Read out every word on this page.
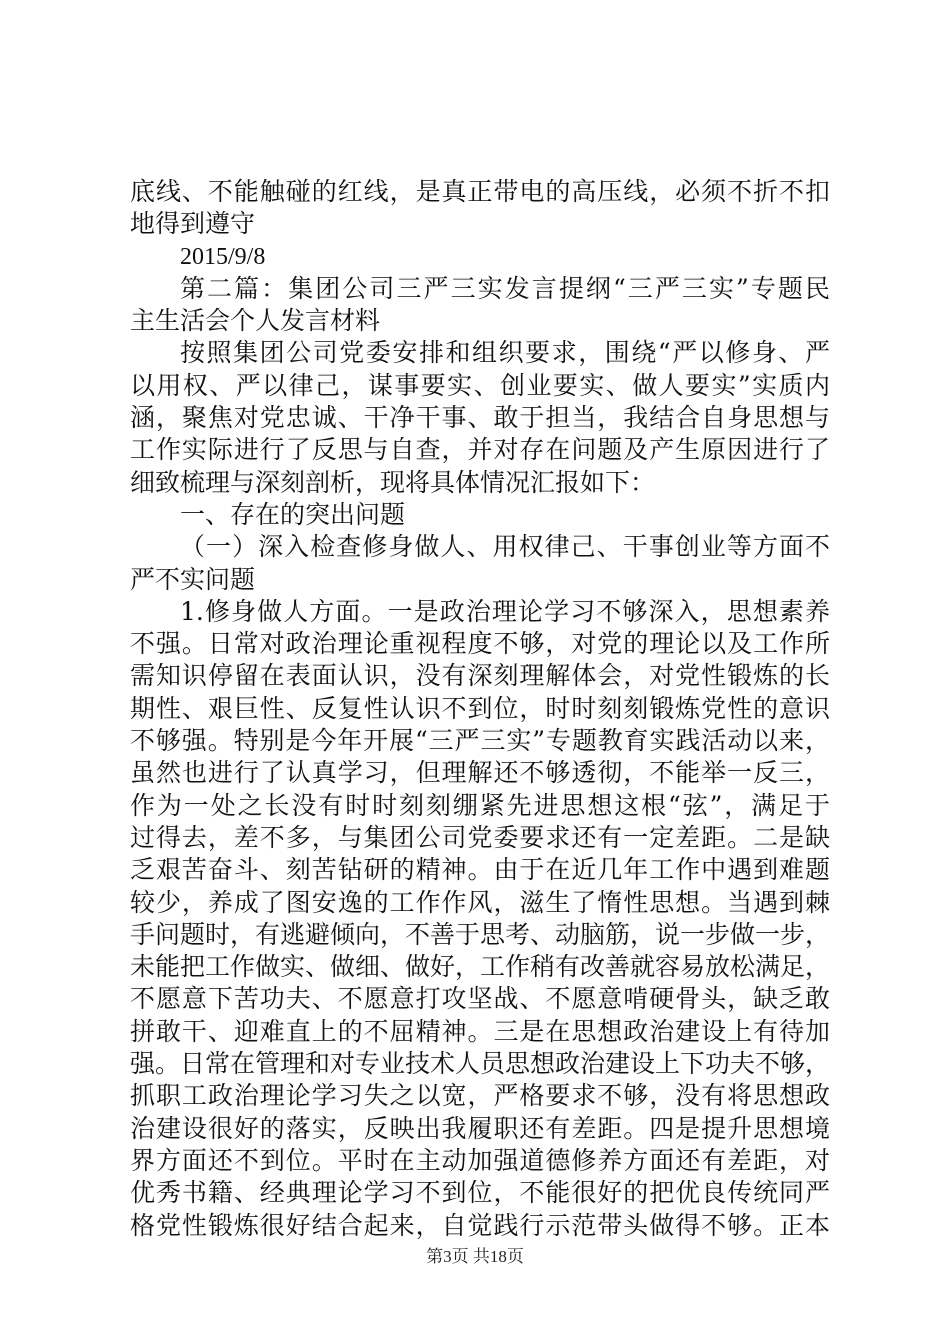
底线、不能触碰的红线，是真正带电的高压线，必须不折不扣
地得到遵守
2015/9/8
第二篇：集团公司三严三实发言提纲“三严三实”专题民
主生活会个人发言材料
按照集团公司党委安排和组织要求，围绕“严以修身、严
以用权、严以律己，谋事要实、创业要实、做人要实”实质内
涵，聚焦对党忠诚、干净干事、敢于担当，我结合自身思想与
工作实际进行了反思与自查，并对存在问题及产生原因进行了
细致梳理与深刻剖析，现将具体情况汇报如下：
一、存在的突出问题
（一）深入检查修身做人、用权律己、干事创业等方面不
严不实问题
1.修身做人方面。一是政治理论学习不够深入，思想素养
不强。日常对政治理论重视程度不够，对党的理论以及工作所
需知识停留在表面认识，没有深刻理解体会，对党性锻炼的长
期性、艰巨性、反复性认识不到位，时时刻刻锻炼党性的意识
不够强。特别是今年开展“三严三实”专题教育实践活动以来，
虽然也进行了认真学习，但理解还不够透彻，不能举一反三，
作为一处之长没有时时刻刻绷紧先进思想这根“弦”，满足于
过得去，差不多，与集团公司党委要求还有一定差距。二是缺
乏艰苦奋斗、刻苦钻研的精神。由于在近几年工作中遇到难题
较少，养成了图安逸的工作作风，滋生了惰性思想。当遇到棘
手问题时，有逃避倾向，不善于思考、动脑筋，说一步做一步，
未能把工作做实、做细、做好，工作稍有改善就容易放松满足，
不愿意下苦功夫、不愿意打攻坚战、不愿意啃硬骨头，缺乏敢
拼敢干、迎难直上的不屈精神。三是在思想政治建设上有待加
强。日常在管理和对专业技术人员思想政治建设上下功夫不够，
抓职工政治理论学习失之以宽，严格要求不够，没有将思想政
治建设很好的落实，反映出我履职还有差距。四是提升思想境
界方面还不到位。平时在主动加强道德修养方面还有差距，对
优秀书籍、经典理论学习不到位，不能很好的把优良传统同严
格党性锻炼很好结合起来，自觉践行示范带头做得不够。正本
第3页 共18页
